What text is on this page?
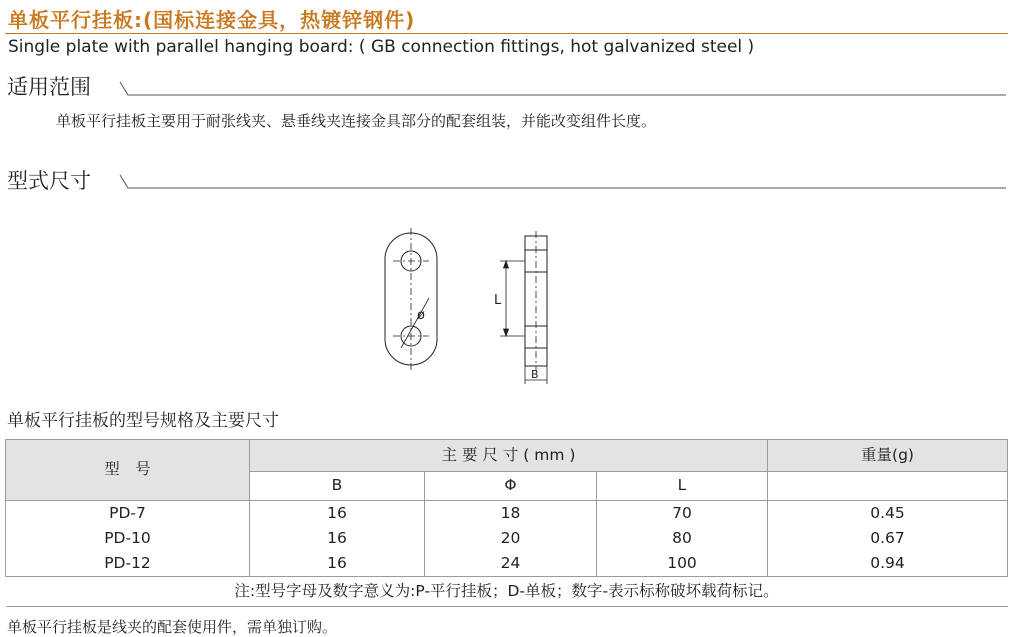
单板平行挂板:(国标连接金具，热镀锌钢件)
Single plate with parallel hanging board: ( GB connection fittings, hot galvanized steel )
适用范围
单板平行挂板主要用于耐张线夹、悬垂线夹连接金具部分的配套组装，并能改变组件长度。
型式尺寸
ø
L
B
单板平行挂板的型号规格及主要尺寸
型　号	主 要 尺 寸 ( mm )			重量(g)
	B	Φ	L	
PD-7	16	18	70	0.45
PD-10	16	20	80	0.67
PD-12	16	24	100	0.94
注:型号字母及数字意义为:P-平行挂板；D-单板；数字-表示标称破坏载荷标记。				
单板平行挂板是线夹的配套使用件，需单独订购。
